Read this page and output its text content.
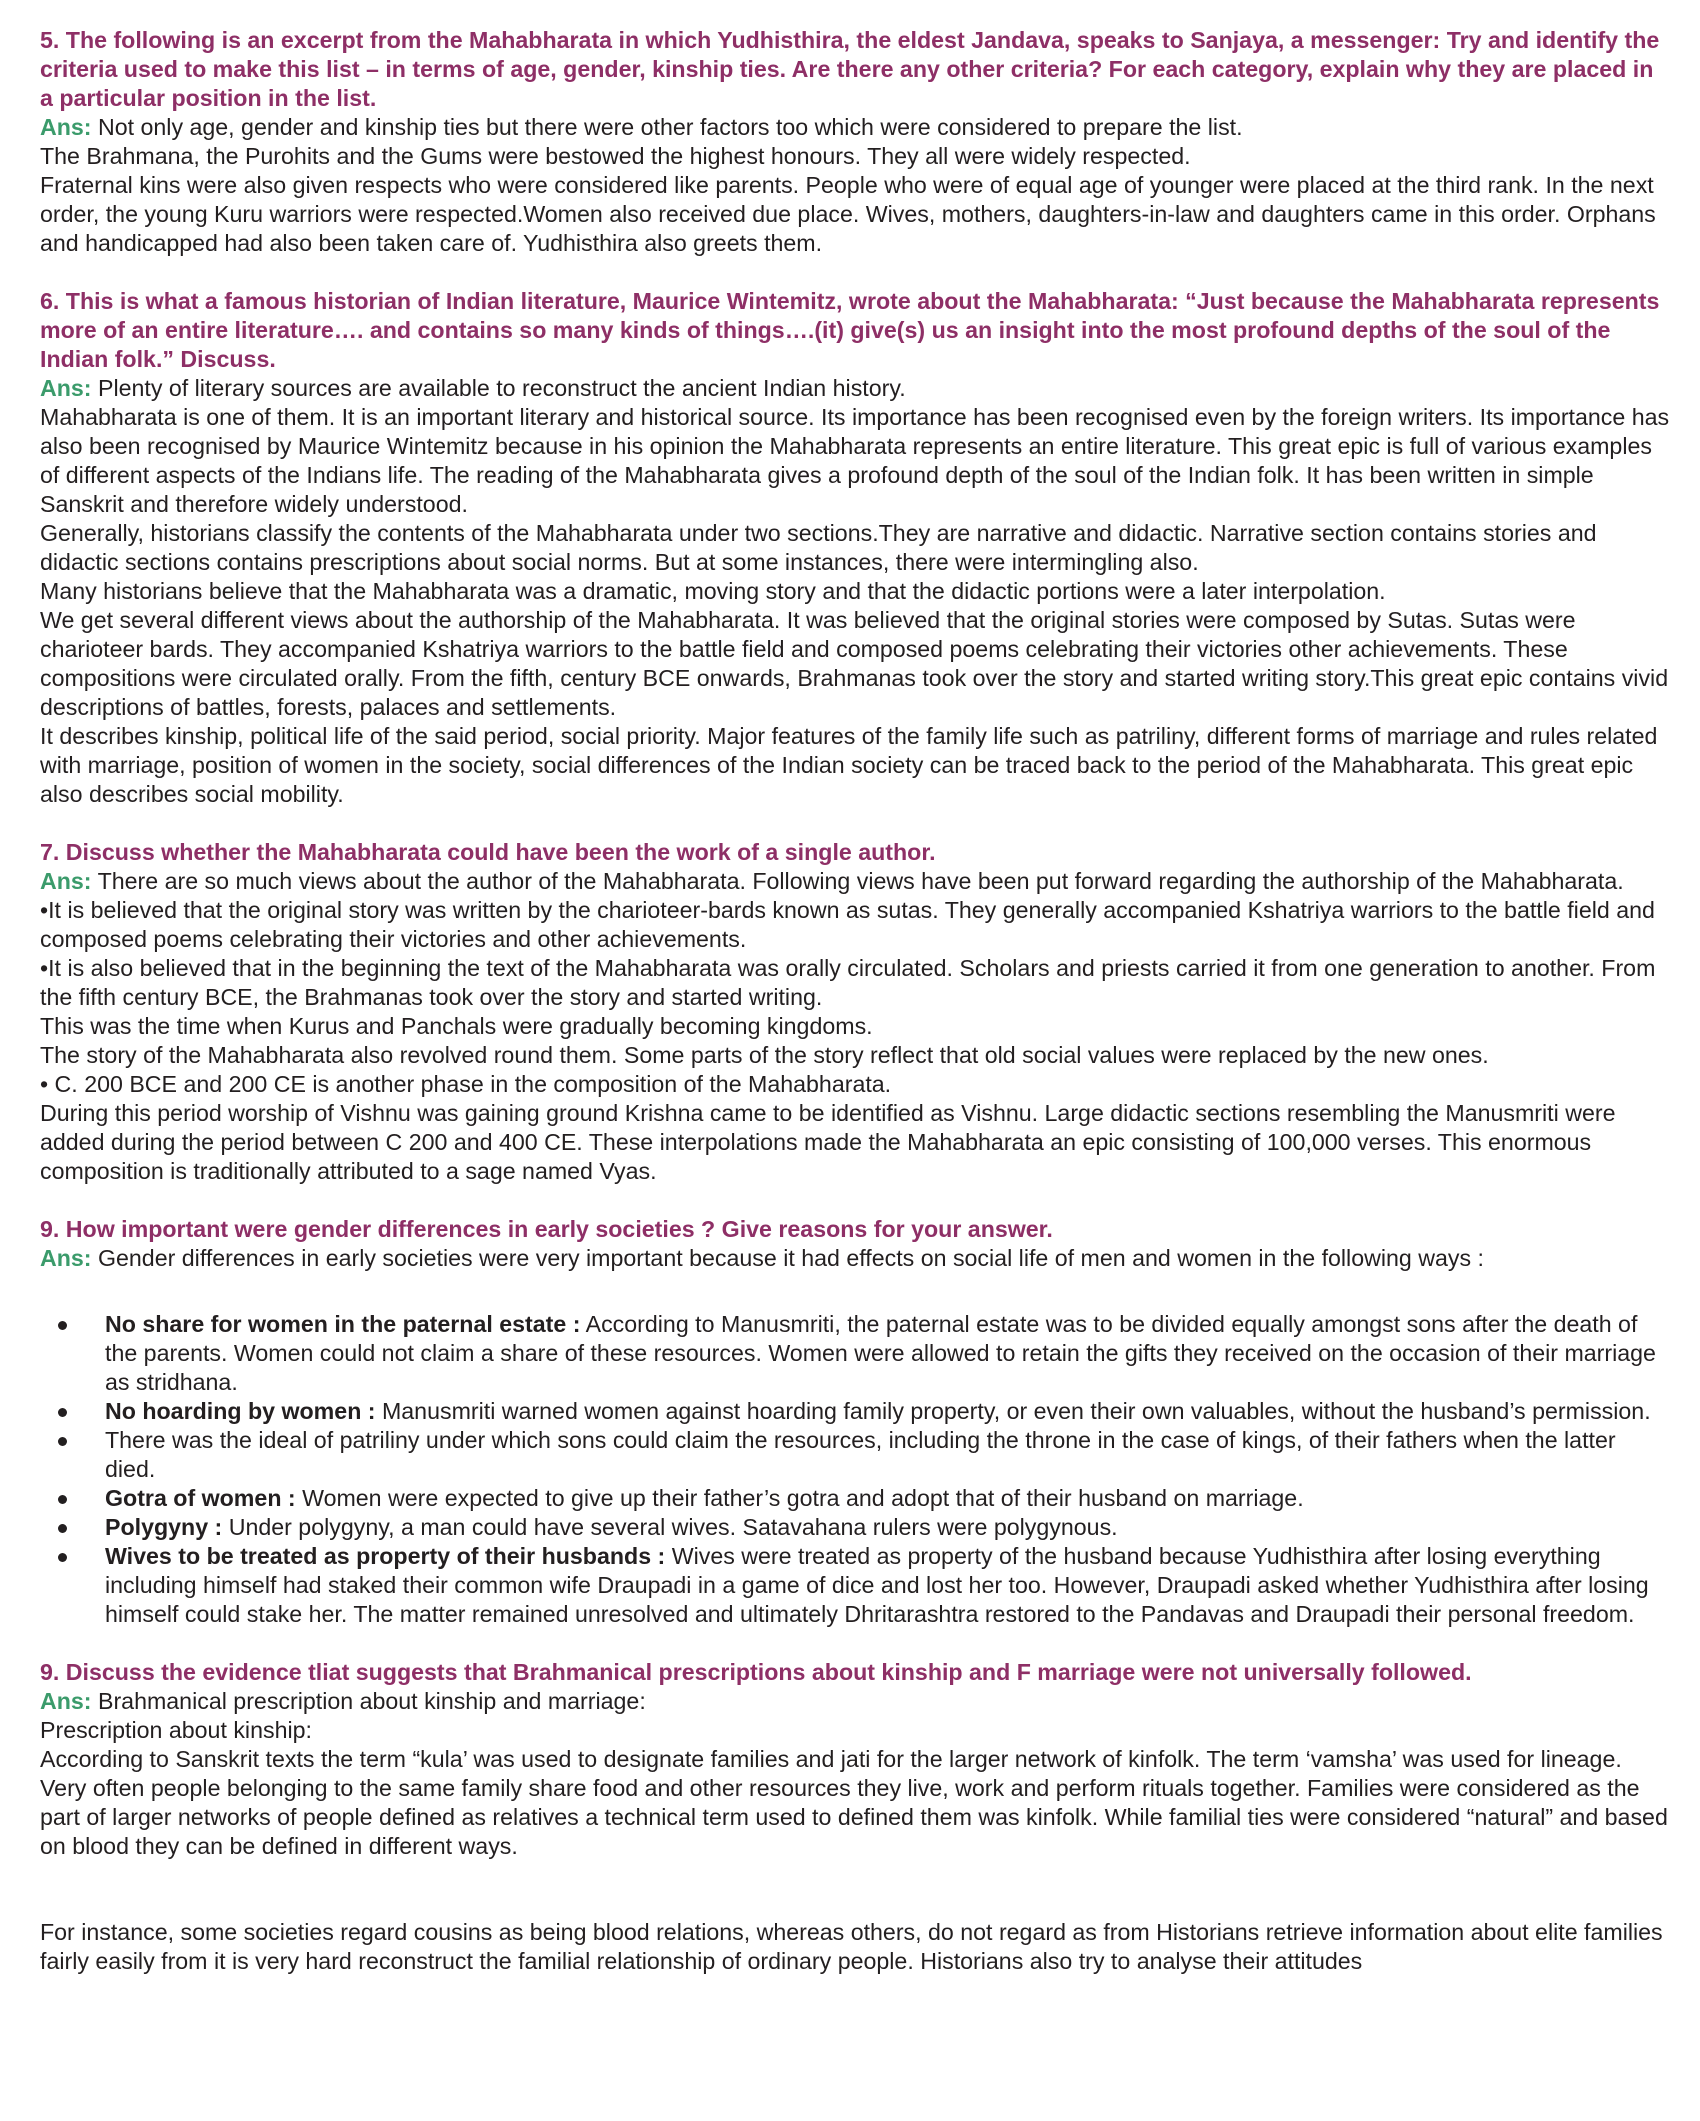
5. The following is an excerpt from the Mahabharata in which Yudhisthira, the eldest Jandava, speaks to Sanjaya, a messenger: Try and identify the criteria used to make this list – in terms of age, gender, kinship ties. Are there any other criteria? For each category, explain why they are placed in a particular position in the list.

Ans: Not only age, gender and kinship ties but there were other factors too which were considered to prepare the list.

The Brahmana, the Purohits and the Gums were bestowed the highest honours. They all were widely respected.

Fraternal kins were also given respects who were considered like parents. People who were of equal age of younger were placed at the third rank. In the next order, the young Kuru warriors were respected.Women also received due place. Wives, mothers, daughters-in-law and daughters came in this order. Orphans and handicapped had also been taken care of. Yudhisthira also greets them.

6. This is what a famous historian of Indian literature, Maurice Wintemitz, wrote about the Mahabharata: “Just because the Mahabharata represents more of an entire literature…. and contains so many kinds of things….(it) give(s) us an insight into the most profound depths of the soul of the Indian folk.” Discuss.

Ans: Plenty of literary sources are available to reconstruct the ancient Indian history.

Mahabharata is one of them. It is an important literary and historical source. Its importance has been recognised even by the foreign writers. Its importance has also been recognised by Maurice Wintemitz because in his opinion the Mahabharata represents an entire literature. This great epic is full of various examples of different aspects of the Indians life. The reading of the Mahabharata gives a profound depth of the soul of the Indian folk. It has been written in simple Sanskrit and therefore widely understood.

Generally, historians classify the contents of the Mahabharata under two sections.They are narrative and didactic. Narrative section contains stories and didactic sections contains prescriptions about social norms. But at some instances, there were intermingling also.

Many historians believe that the Mahabharata was a dramatic, moving story and that the didactic portions were a later interpolation.

We get several different views about the authorship of the Mahabharata. It was believed that the original stories were composed by Sutas. Sutas were charioteer bards. They accompanied Kshatriya warriors to the battle field and composed poems celebrating their victories other achievements. These compositions were circulated orally. From the fifth, century BCE onwards, Brahmanas took over the story and started writing story.This great epic contains vivid descriptions of battles, forests, palaces and settlements.

It describes kinship, political life of the said period, social priority. Major features of the family life such as patriliny, different forms of marriage and rules related with marriage, position of women in the society, social differences of the Indian society can be traced back to the period of the Mahabharata. This great epic also describes social mobility.

7. Discuss whether the Mahabharata could have been the work of a single author.

Ans: There are so much views about the author of the Mahabharata. Following views have been put forward regarding the authorship of the Mahabharata.

•It is believed that the original story was written by the charioteer-bards known as sutas. They generally accompanied Kshatriya warriors to the battle field and composed poems celebrating their victories and other achievements.

•It is also believed that in the beginning the text of the Mahabharata was orally circulated. Scholars and priests carried it from one generation to another. From the fifth century BCE, the Brahmanas took over the story and started writing.

This was the time when Kurus and Panchals were gradually becoming kingdoms.

The story of the Mahabharata also revolved round them. Some parts of the story reflect that old social values were replaced by the new ones.

• C. 200 BCE and 200 CE is another phase in the composition of the Mahabharata.

During this period worship of Vishnu was gaining ground Krishna came to be identified as Vishnu. Large didactic sections resembling the Manusmriti were added during the period between C 200 and 400 CE. These interpolations made the Mahabharata an epic consisting of 100,000 verses. This enormous composition is traditionally attributed to a sage named Vyas.

9. How important were gender differences in early societies ? Give reasons for your answer.

Ans: Gender differences in early societies were very important because it had effects on social life of men and women in the following ways :

No share for women in the paternal estate : According to Manusmriti, the paternal estate was to be divided equally amongst sons after the death of the parents. Women could not claim a share of these resources. Women were allowed to retain the gifts they received on the occasion of their marriage as stridhana.
No hoarding by women : Manusmriti warned women against hoarding family property, or even their own valuables, without the husband’s permission.
There was the ideal of patriliny under which sons could claim the resources, including the throne in the case of kings, of their fathers when the latter died.
Gotra of women : Women were expected to give up their father’s gotra and adopt that of their husband on marriage.
Polygyny : Under polygyny, a man could have several wives. Satavahana rulers were polygynous.
Wives to be treated as property of their husbands : Wives were treated as property of the husband because Yudhisthira after losing everything including himself had staked their common wife Draupadi in a game of dice and lost her too. However, Draupadi asked whether Yudhisthira after losing himself could stake her. The matter remained unresolved and ultimately Dhritarashtra restored to the Pandavas and Draupadi their personal freedom.

9. Discuss the evidence tliat suggests that Brahmanical prescriptions about kinship and F marriage were not universally followed.

Ans: Brahmanical prescription about kinship and marriage:

Prescription about kinship:

According to Sanskrit texts the term “kula’ was used to designate families and jati for the larger network of kinfolk. The term ‘vamsha’ was used for lineage. Very often people belonging to the same family share food and other resources they live, work and perform rituals together. Families were considered as the part of larger networks of people defined as relatives a technical term used to defined them was kinfolk. While familial ties were considered “natural” and based on blood they can be defined in different ways.

For instance, some societies regard cousins as being blood relations, whereas others, do not regard as from Historians retrieve information about elite families fairly easily from it is very hard reconstruct the familial relationship of ordinary people. Historians also try to analyse their attitudes
